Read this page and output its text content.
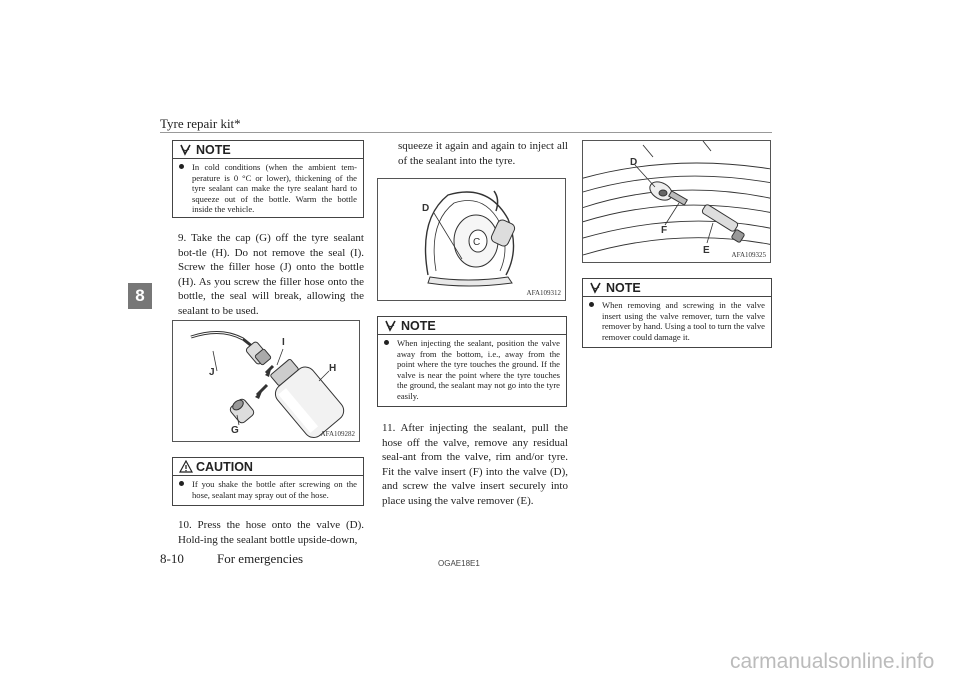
Tyre repair kit*
8
NOTE

In cold conditions (when the ambient tem-perature is 0 °C or lower), thickening of the tyre sealant can make the tyre sealant hard to squeeze out of the bottle. Warm the bottle inside the vehicle.

9. Take the cap (G) off the tyre sealant bot-tle (H). Do not remove the seal (I). Screw the filler hose (J) onto the bottle (H). As you screw the filler hose onto the bottle, the seal will break, allowing the sealant to be used.
J
I
H
G	AFA109282
CAUTION

If you shake the bottle after screwing on the hose, sealant may spray out of the hose.

10. Press the hose onto the valve (D). Hold-ing the sealant bottle upside-down,
squeeze it again and again to inject all of the sealant into the tyre.
C
D
AFA109312
NOTE

When injecting the sealant, position the valve away from the bottom, i.e., away from the point where the tyre touches the ground. If the valve is near the point where the tyre touches the ground, the sealant may not go into the tyre easily.

11. After injecting the sealant, pull the hose off the valve, remove any residual seal-ant from the valve, rim and/or tyre. Fit the valve insert (F) into the valve (D), and screw the valve insert securely into place using the valve remover (E).
D
F
E	AFA109325
NOTE

When removing and screwing in the valve insert using the valve remover, turn the valve remover by hand. Using a tool to turn the valve remover could damage it.

8-10	For emergencies	OGAE18E1
carmanualsonline.info
